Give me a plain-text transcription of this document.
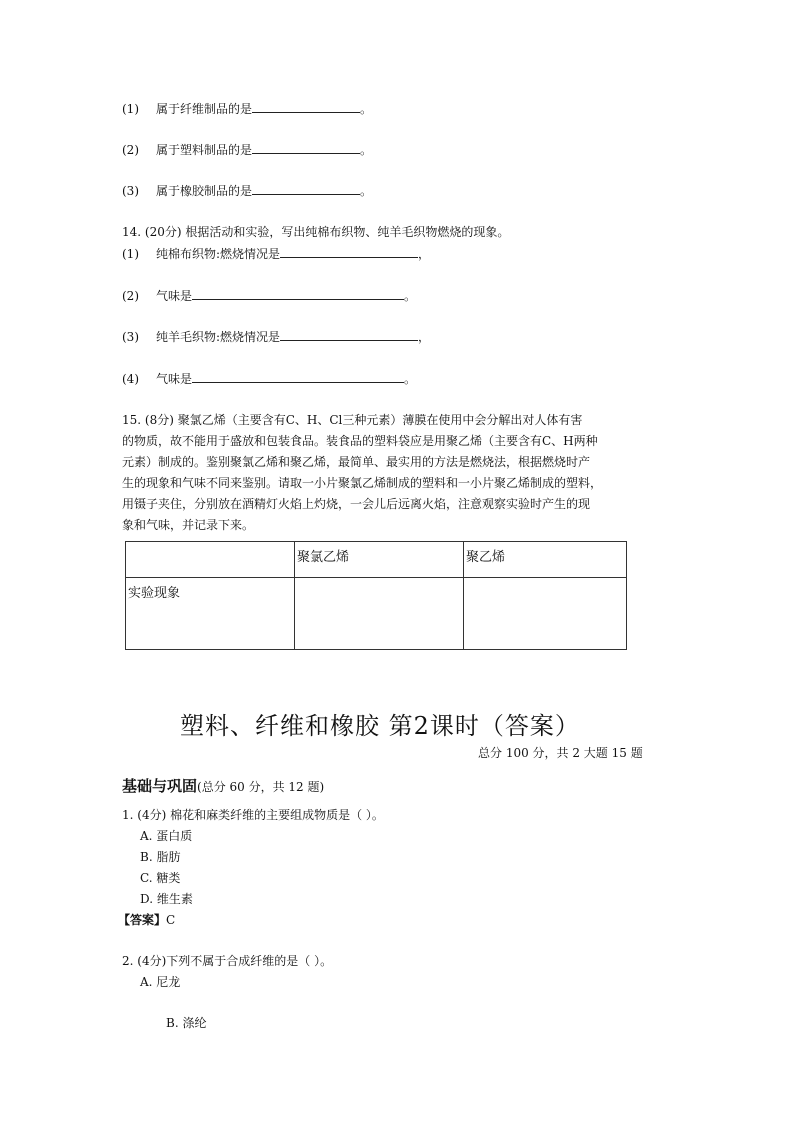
(1) 属于纤维制品的是	。
(2) 属于塑料制品的是	。
(3) 属于橡胶制品的是	。
14. (20分) 根据活动和实验，写出纯棉布织物、纯羊毛织物燃烧的现象。
(1) 纯棉布织物:燃烧情况是	，
(2) 气味是	。
(3) 纯羊毛织物:燃烧情况是	，
(4) 气味是	。
15. (8分) 聚氯乙烯（主要含有C、H、Cl三种元素）薄膜在使用中会分解出对人体有害
的物质，故不能用于盛放和包装食品。装食品的塑料袋应是用聚乙烯（主要含有C、H两种
元素）制成的。鉴别聚氯乙烯和聚乙烯，最简单、最实用的方法是燃烧法，根据燃烧时产
生的现象和气味不同来鉴别。请取一小片聚氯乙烯制成的塑料和一小片聚乙烯制成的塑料，
用镊子夹住，分别放在酒精灯火焰上灼烧，一会儿后远离火焰，注意观察实验时产生的现
象和气味，并记录下来。
	聚氯乙烯	聚乙烯
实验现象		
塑料、纤维和橡胶 第2课时（答案）
总分 100 分，共 2 大题 15 题
基础与巩固(总分 60 分，共 12 题)
1. (4分) 棉花和麻类纤维的主要组成物质是（ ）。
A. 蛋白质
B. 脂肪
C. 糖类
D. 维生素
【答案】C
2. (4分)下列不属于合成纤维的是（ ）。
A. 尼龙
B. 涤纶
